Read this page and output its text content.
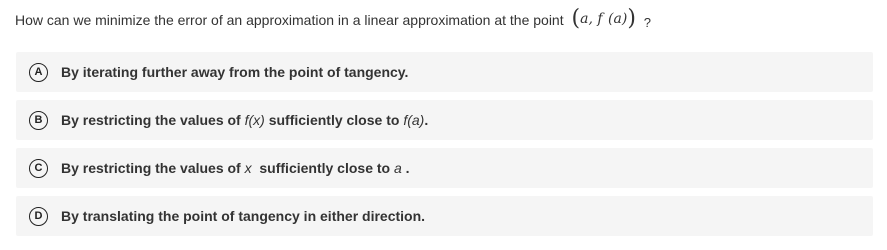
How can we minimize the error of an approximation in a linear approximation at the point (a, f (a)) ?
A	By iterating further away from the point of tangency.
B	By restricting the values of f(x) sufficiently close to f(a).
C	By restricting the values of x  sufficiently close to a .
D	By translating the point of tangency in either direction.
